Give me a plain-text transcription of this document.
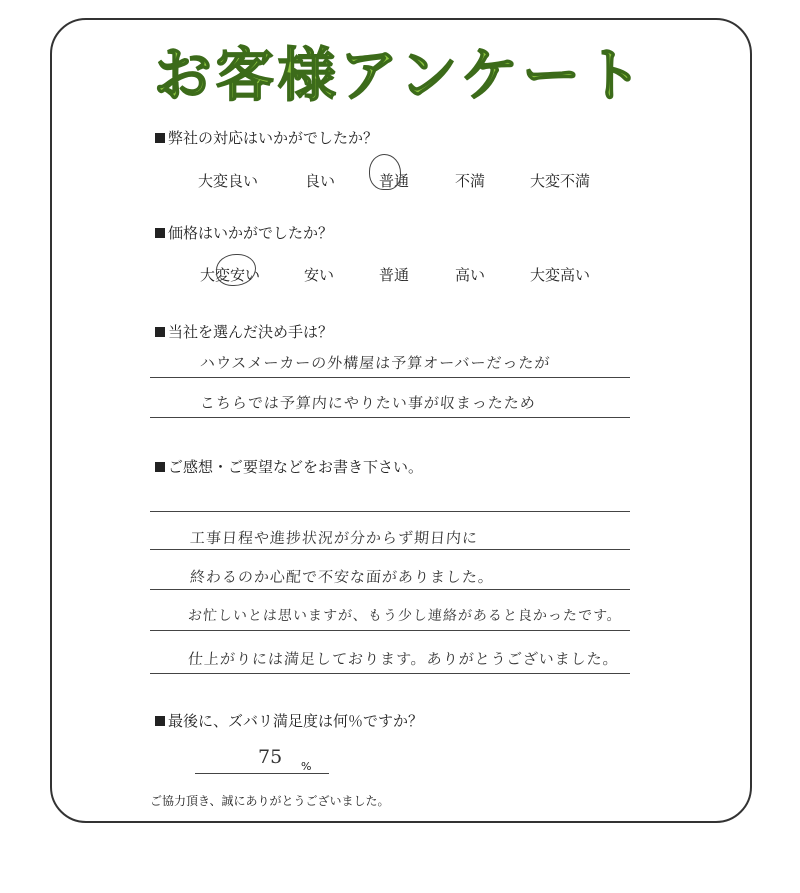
お客様アンケート
弊社の対応はいかがでしたか？
大変良い	良い	普通	不満	大変不満
価格はいかがでしたか？
大変安い	安い	普通	高い	大変高い
当社を選んだ決め手は？
ハウスメーカーの外構屋は予算オーバーだったが
こちらでは予算内にやりたい事が収まったため
ご感想・ご要望などをお書き下さい。
工事日程や進捗状況が分からず期日内に
終わるのか心配で不安な面がありました。
お忙しいとは思いますが、もう少し連絡があると良かったです。
仕上がりには満足しております。ありがとうございました。
最後に、ズバリ満足度は何％ですか？
75 %
ご協力頂き、誠にありがとうございました。
